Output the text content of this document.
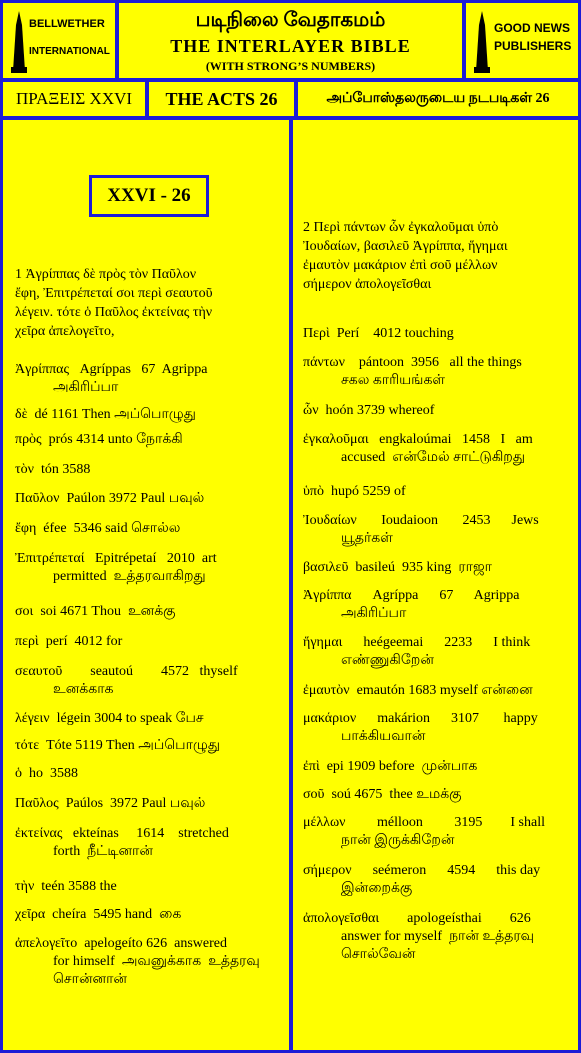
BELLWETHER
INTERNATIONAL
படிநிலை வேதாகமம்
THE INTERLAYER BIBLE
(WITH STRONG’S NUMBERS)
GOOD NEWS
PUBLISHERS
ΠΡΑΞΕΙΣ XXVI	THE ACTS 26	அப்போஸ்தலருடைய நடபடிகள் 26
XXVI - 26
1 Ἀγρίππας δὲ πρὸς τὸν Παῦλον
ἔφη, Ἐπιτρέπεταί σοι περὶ σεαυτοῦ
λέγειν. τότε ὁ Παῦλος ἐκτείνας τὴν
χεῖρα ἀπελογεῖτο,
Ἀγρίππας   Agríppas   67  Agrippa
அகிரிப்பா
δὲ  dé 1161 Then அப்பொழுது
πρὸς  prós 4314 unto நோக்கி
τὸν  tón 3588
Παῦλον  Paúlon 3972 Paul பவுல்
ἔφη  éfee  5346 said சொல்ல
Ἐπιτρέπεταί   Epitrépetaí   2010  art
permitted  உத்தரவாகிறது
σοι  soi 4671 Thou  உனக்கு
περὶ  perí  4012 for
σεαυτοῦ        seautoú        4572   thyself
உனக்காக
λέγειν  légein 3004 to speak பேச
τότε  Tóte 5119 Then அப்பொழுது
ὁ  ho  3588
Παῦλος  Paúlos  3972 Paul பவுல்
ἐκτείνας   ekteínas     1614    stretched
forth  நீட்டினான்
τὴν  teén 3588 the
χεῖρα  cheíra  5495 hand  கை
ἀπελογεῖτο  apelogeíto 626  answered
for himself  அவனுக்காக  உத்தரவு
சொன்னான்
2 Περὶ πάντων ὧν ἐγκαλοῦμαι ὑπὸ
Ἰουδαίων, βασιλεῦ Ἀγρίππα, ἥγημαι
ἐμαυτὸν μακάριον ἐπὶ σοῦ μέλλων
σήμερον ἀπολογεῖσθαι
Περὶ  Perí    4012 touching
πάντων    pántoon  3956   all the things
சகல காரியங்கள்
ὧν  hoón 3739 whereof
ἐγκαλοῦμαι   engkaloúmai   1458   I   am
accused  என்மேல் சாட்டுகிறது
ὑπὸ  hupó 5259 of
Ἰουδαίων       Ioudaioon       2453      Jews
யூதர்கள்
βασιλεῦ  basileú  935 king  ராஜா
Ἀγρίππα      Agríppa      67      Agrippa
அகிரிப்பா
ἥγημαι      heégeemai      2233      I think
எண்ணுகிறேன்
ἐμαυτὸν  emautón 1683 myself என்னை
μακάριον      makárion      3107       happy
பாக்கியவான்
ἐπὶ  epi 1909 before  முன்பாக
σοῦ  soú 4675  thee உமக்கு
μέλλων         mélloon         3195        I shall
நான் இருக்கிறேன்
σήμερον      seémeron      4594      this day
இன்றைக்கு
ἀπολογεῖσθαι        apologeísthai        626
answer for myself  நான் உத்தரவு
சொல்வேன்
